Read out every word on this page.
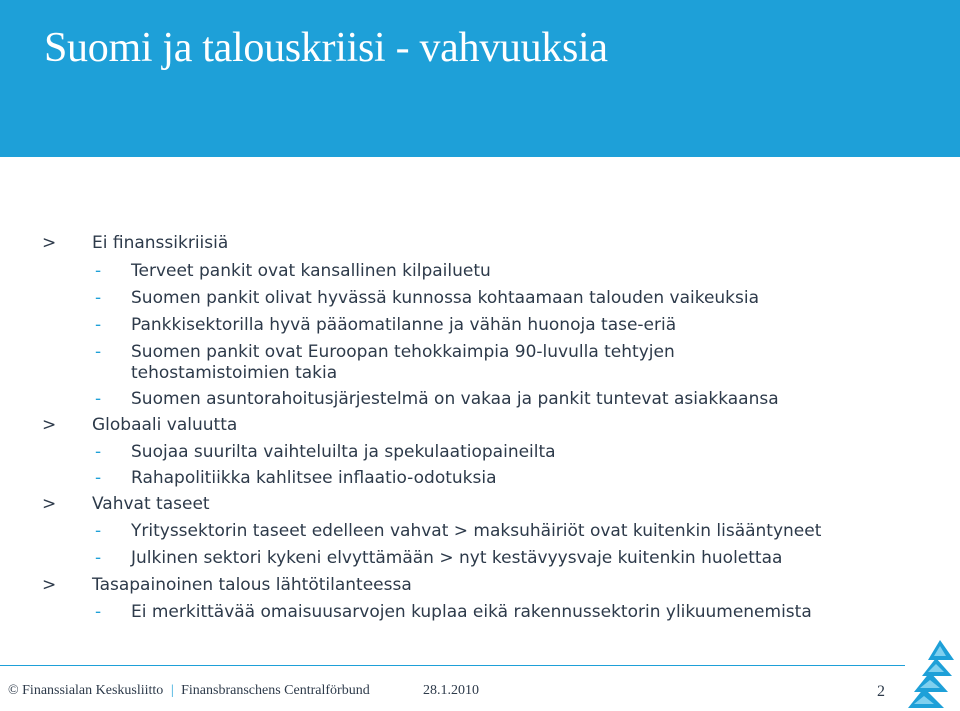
Suomi ja talouskriisi - vahvuuksia
> Ei finanssikriisiä
- Terveet pankit ovat kansallinen kilpailuetu
- Suomen pankit olivat hyvässä kunnossa kohtaamaan talouden vaikeuksia
- Pankkisektorilla hyvä pääomatilanne ja vähän huonoja tase-eriä
- Suomen pankit ovat Euroopan tehokkaimpia 90-luvulla tehtyjen
tehostamistoimien takia
- Suomen asuntorahoitusjärjestelmä on vakaa ja pankit tuntevat asiakkaansa
> Globaali valuutta
- Suojaa suurilta vaihteluilta ja spekulaatiopaineilta
- Rahapolitiikka kahlitsee inflaatio-odotuksia
> Vahvat taseet
- Yrityssektorin taseet edelleen vahvat > maksuhäiriöt ovat kuitenkin lisääntyneet
- Julkinen sektori kykeni elvyttämään > nyt kestävyysvaje kuitenkin huolettaa
> Tasapainoinen talous lähtötilanteessa
- Ei merkittävää omaisuusarvojen kuplaa eikä rakennussektorin ylikuumenemista
© Finanssialan Keskusliitto | Finansbranschens Centralförbund	28.1.2010	2
